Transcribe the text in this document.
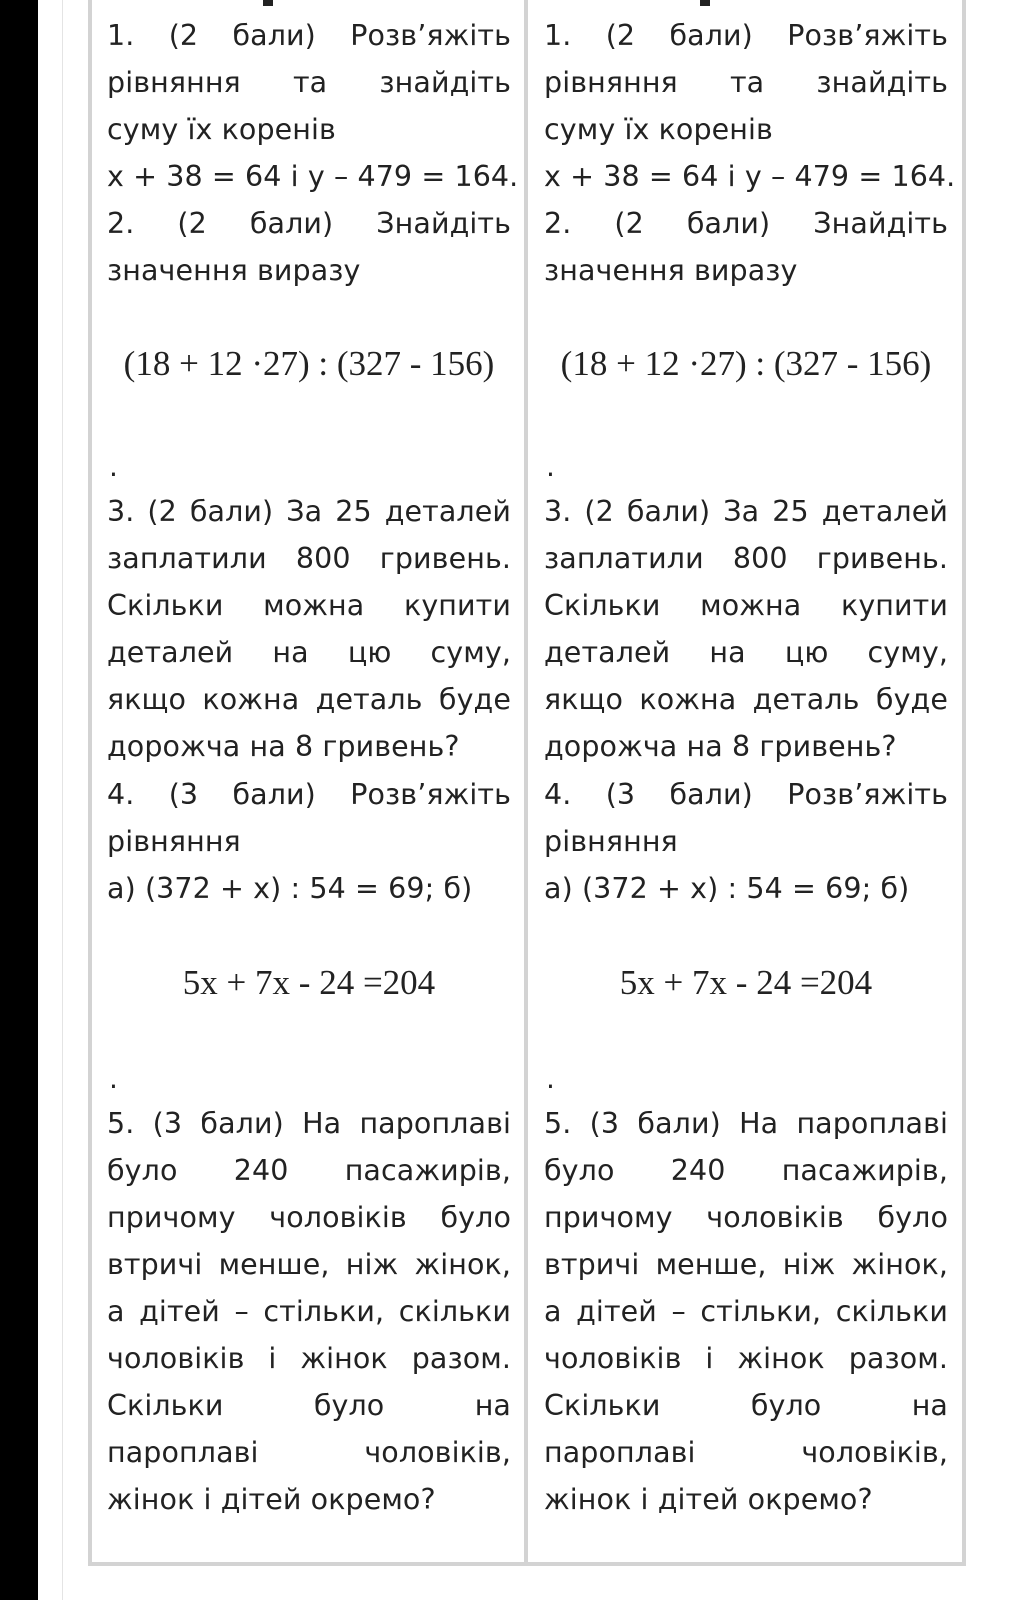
1. (2 бали) Розв’яжіть
рівняння та знайдіть
суму їх коренів
x + 38 = 64 і y – 479 = 164.
2. (2 бали) Знайдіть
значення виразу
(18 + 12 ·27) : (327 - 156)
.
3. (2 бали) За 25 деталей
заплатили 800 гривень.
Скільки можна купити
деталей на цю суму,
якщо кожна деталь буде
дорожча на 8 гривень?
4. (3 бали) Розв’яжіть
рівняння
а) (372 + x) : 54 = 69; б)
5x + 7x - 24 =204
.
5. (3 бали) На пароплаві
було 240 пасажирів,
причому чоловіків було
втричі менше, ніж жінок,
а дітей – стільки, скільки
чоловіків і жінок разом.
Скільки було на
пароплаві чоловіків,
жінок і дітей окремо?
1. (2 бали) Розв’яжіть
рівняння та знайдіть
суму їх коренів
x + 38 = 64 і y – 479 = 164.
2. (2 бали) Знайдіть
значення виразу
(18 + 12 ·27) : (327 - 156)
.
3. (2 бали) За 25 деталей
заплатили 800 гривень.
Скільки можна купити
деталей на цю суму,
якщо кожна деталь буде
дорожча на 8 гривень?
4. (3 бали) Розв’яжіть
рівняння
а) (372 + x) : 54 = 69; б)
5x + 7x - 24 =204
.
5. (3 бали) На пароплаві
було 240 пасажирів,
причому чоловіків було
втричі менше, ніж жінок,
а дітей – стільки, скільки
чоловіків і жінок разом.
Скільки було на
пароплаві чоловіків,
жінок і дітей окремо?
